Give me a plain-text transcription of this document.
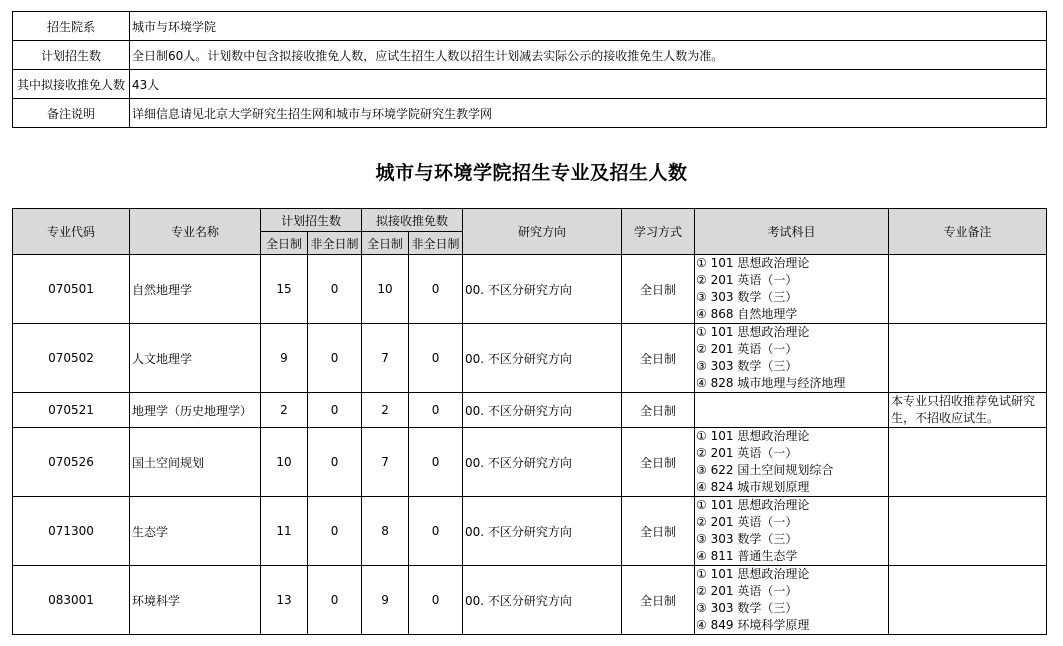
招生院系	城市与环境学院
计划招生数	全日制60人。计划数中包含拟接收推免人数，应试生招生人数以招生计划减去实际公示的接收推免生人数为准。
其中拟接收推免人数	43人
备注说明	详细信息请见北京大学研究生招生网和城市与环境学院研究生教学网
城市与环境学院招生专业及招生人数
专业代码	专业名称	计划招生数		拟接收推免数		研究方向	学习方式	考试科目	专业备注
		全日制	非全日制	全日制	非全日制				
070501	自然地理学	15	0	10	0	00. 不区分研究方向	全日制	① 101 思想政治理论
② 201 英语（一）
③ 303 数学（三）
④ 868 自然地理学	

070502	人文地理学	9	0	7	0	00. 不区分研究方向	全日制	① 101 思想政治理论
② 201 英语（一）
③ 303 数学（三）
④ 828 城市地理与经济地理	

070521	地理学（历史地理学）	2	0	2	0	00. 不区分研究方向	全日制		本专业只招收推荐免试研究生，不招收应试生。
070526	国土空间规划	10	0	7	0	00. 不区分研究方向	全日制	① 101 思想政治理论
② 201 英语（一）
③ 622 国土空间规划综合
④ 824 城市规划原理	

071300	生态学	11	0	8	0	00. 不区分研究方向	全日制	① 101 思想政治理论
② 201 英语（一）
③ 303 数学（三）
④ 811 普通生态学	

083001	环境科学	13	0	9	0	00. 不区分研究方向	全日制	① 101 思想政治理论
② 201 英语（一）
③ 303 数学（三）
④ 849 环境科学原理	
